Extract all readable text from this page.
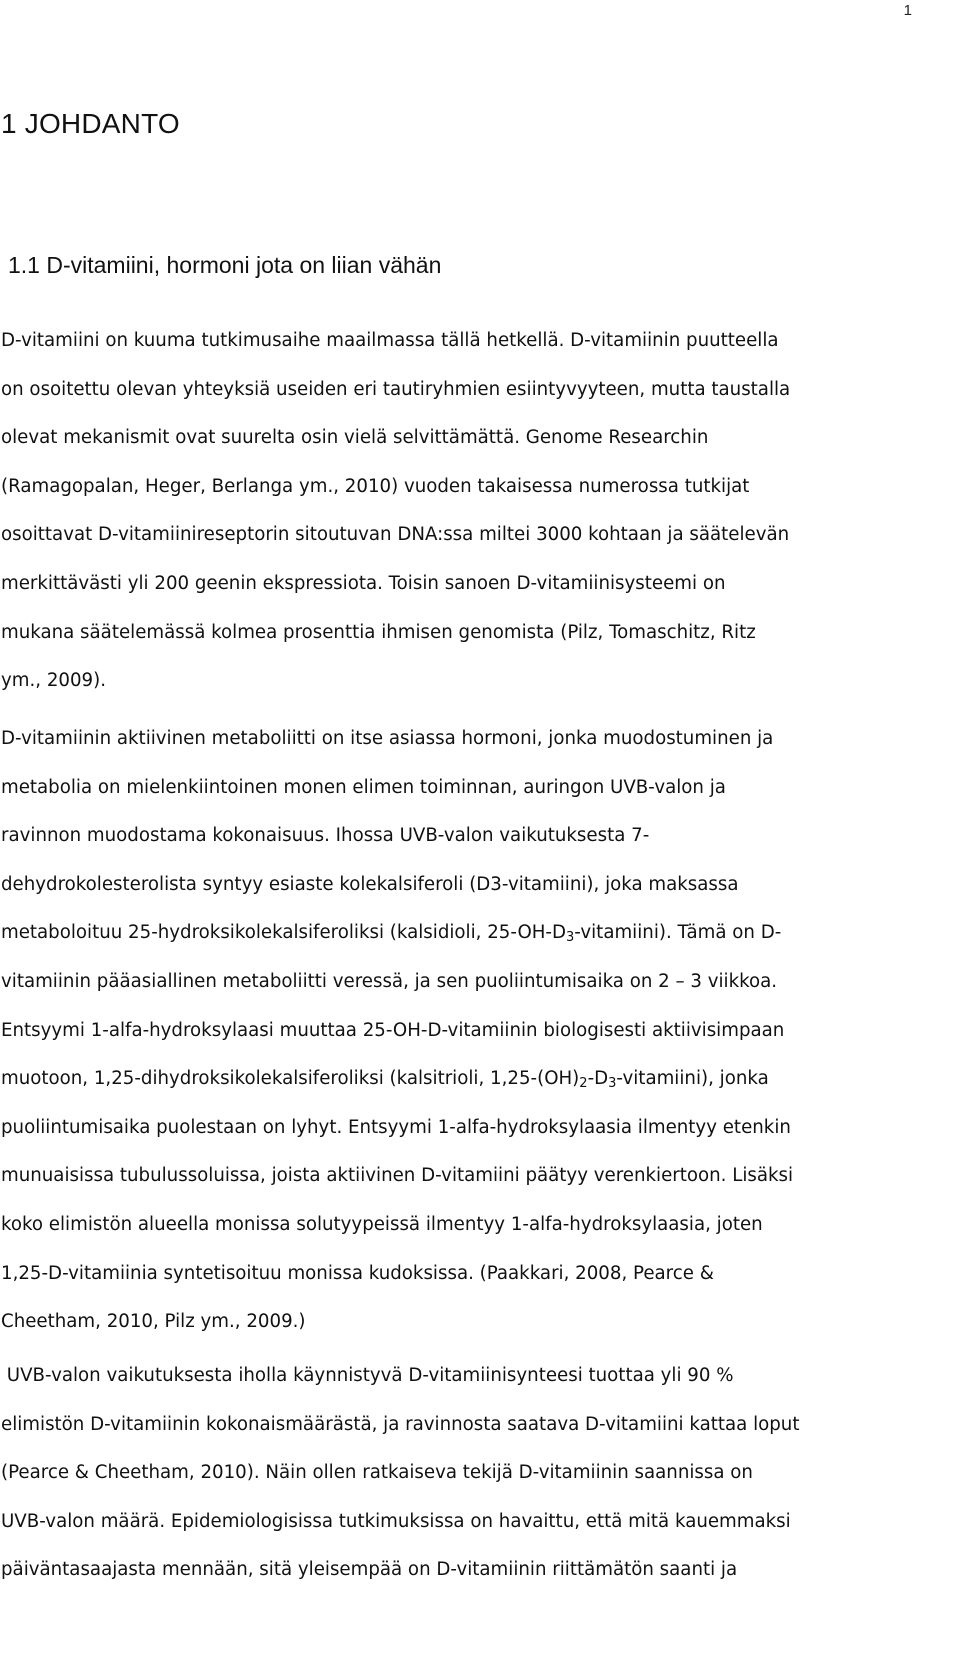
1
1 JOHDANTO
1.1 D-vitamiini, hormoni jota on liian vähän
D-vitamiini on kuuma tutkimusaihe maailmassa tällä hetkellä. D-vitamiinin puutteella
on osoitettu olevan yhteyksiä useiden eri tautiryhmien esiintyvyyteen, mutta taustalla
olevat mekanismit ovat suurelta osin vielä selvittämättä. Genome Researchin
(Ramagopalan, Heger, Berlanga ym., 2010) vuoden takaisessa numerossa tutkijat
osoittavat D-vitamiinireseptorin sitoutuvan DNA:ssa miltei 3000 kohtaan ja säätelevän
merkittävästi yli 200 geenin ekspressiota. Toisin sanoen D-vitamiinisysteemi on
mukana säätelemässä kolmea prosenttia ihmisen genomista (Pilz, Tomaschitz, Ritz
ym., 2009).
D-vitamiinin aktiivinen metaboliitti on itse asiassa hormoni, jonka muodostuminen ja
metabolia on mielenkiintoinen monen elimen toiminnan, auringon UVB-valon ja
ravinnon muodostama kokonaisuus. Ihossa UVB-valon vaikutuksesta 7-
dehydrokolesterolista syntyy esiaste kolekalsiferoli (D3-vitamiini), joka maksassa
metaboloituu 25-hydroksikolekalsiferoliksi (kalsidioli, $25-OH-D_3-vitamiini$). Tämä on D-
vitamiinin pääasiallinen metaboliitti veressä, ja sen puoliintumisaika on 2 – 3 viikkoa.
Entsyymi 1-alfa-hydroksylaasi muuttaa 25-OH-D-vitamiinin biologisesti aktiivisimpaan
muotoon, 1,25-dihydroksikolekalsiferoliksi (kalsitrioli, $1,25-(OH)_2-D_3-vitamiini$), jonka
puoliintumisaika puolestaan on lyhyt. Entsyymi 1-alfa-hydroksylaasia ilmentyy etenkin
munuaisissa tubulussoluissa, joista aktiivinen D-vitamiini päätyy verenkiertoon. Lisäksi
koko elimistön alueella monissa solutyypeissä ilmentyy 1-alfa-hydroksylaasia, joten
1,25-D-vitamiinia syntetisoituu monissa kudoksissa. (Paakkari, 2008, Pearce &
Cheetham, 2010, Pilz ym., 2009.)
UVB-valon vaikutuksesta iholla käynnistyvä D-vitamiinisynteesi tuottaa yli 90 %
elimistön D-vitamiinin kokonaismäärästä, ja ravinnosta saatava D-vitamiini kattaa loput
(Pearce & Cheetham, 2010). Näin ollen ratkaiseva tekijä D-vitamiinin saannissa on
UVB-valon määrä. Epidemiologisissa tutkimuksissa on havaittu, että mitä kauemmaksi
päiväntasaajasta mennään, sitä yleisempää on D-vitamiinin riittämätön saanti ja
